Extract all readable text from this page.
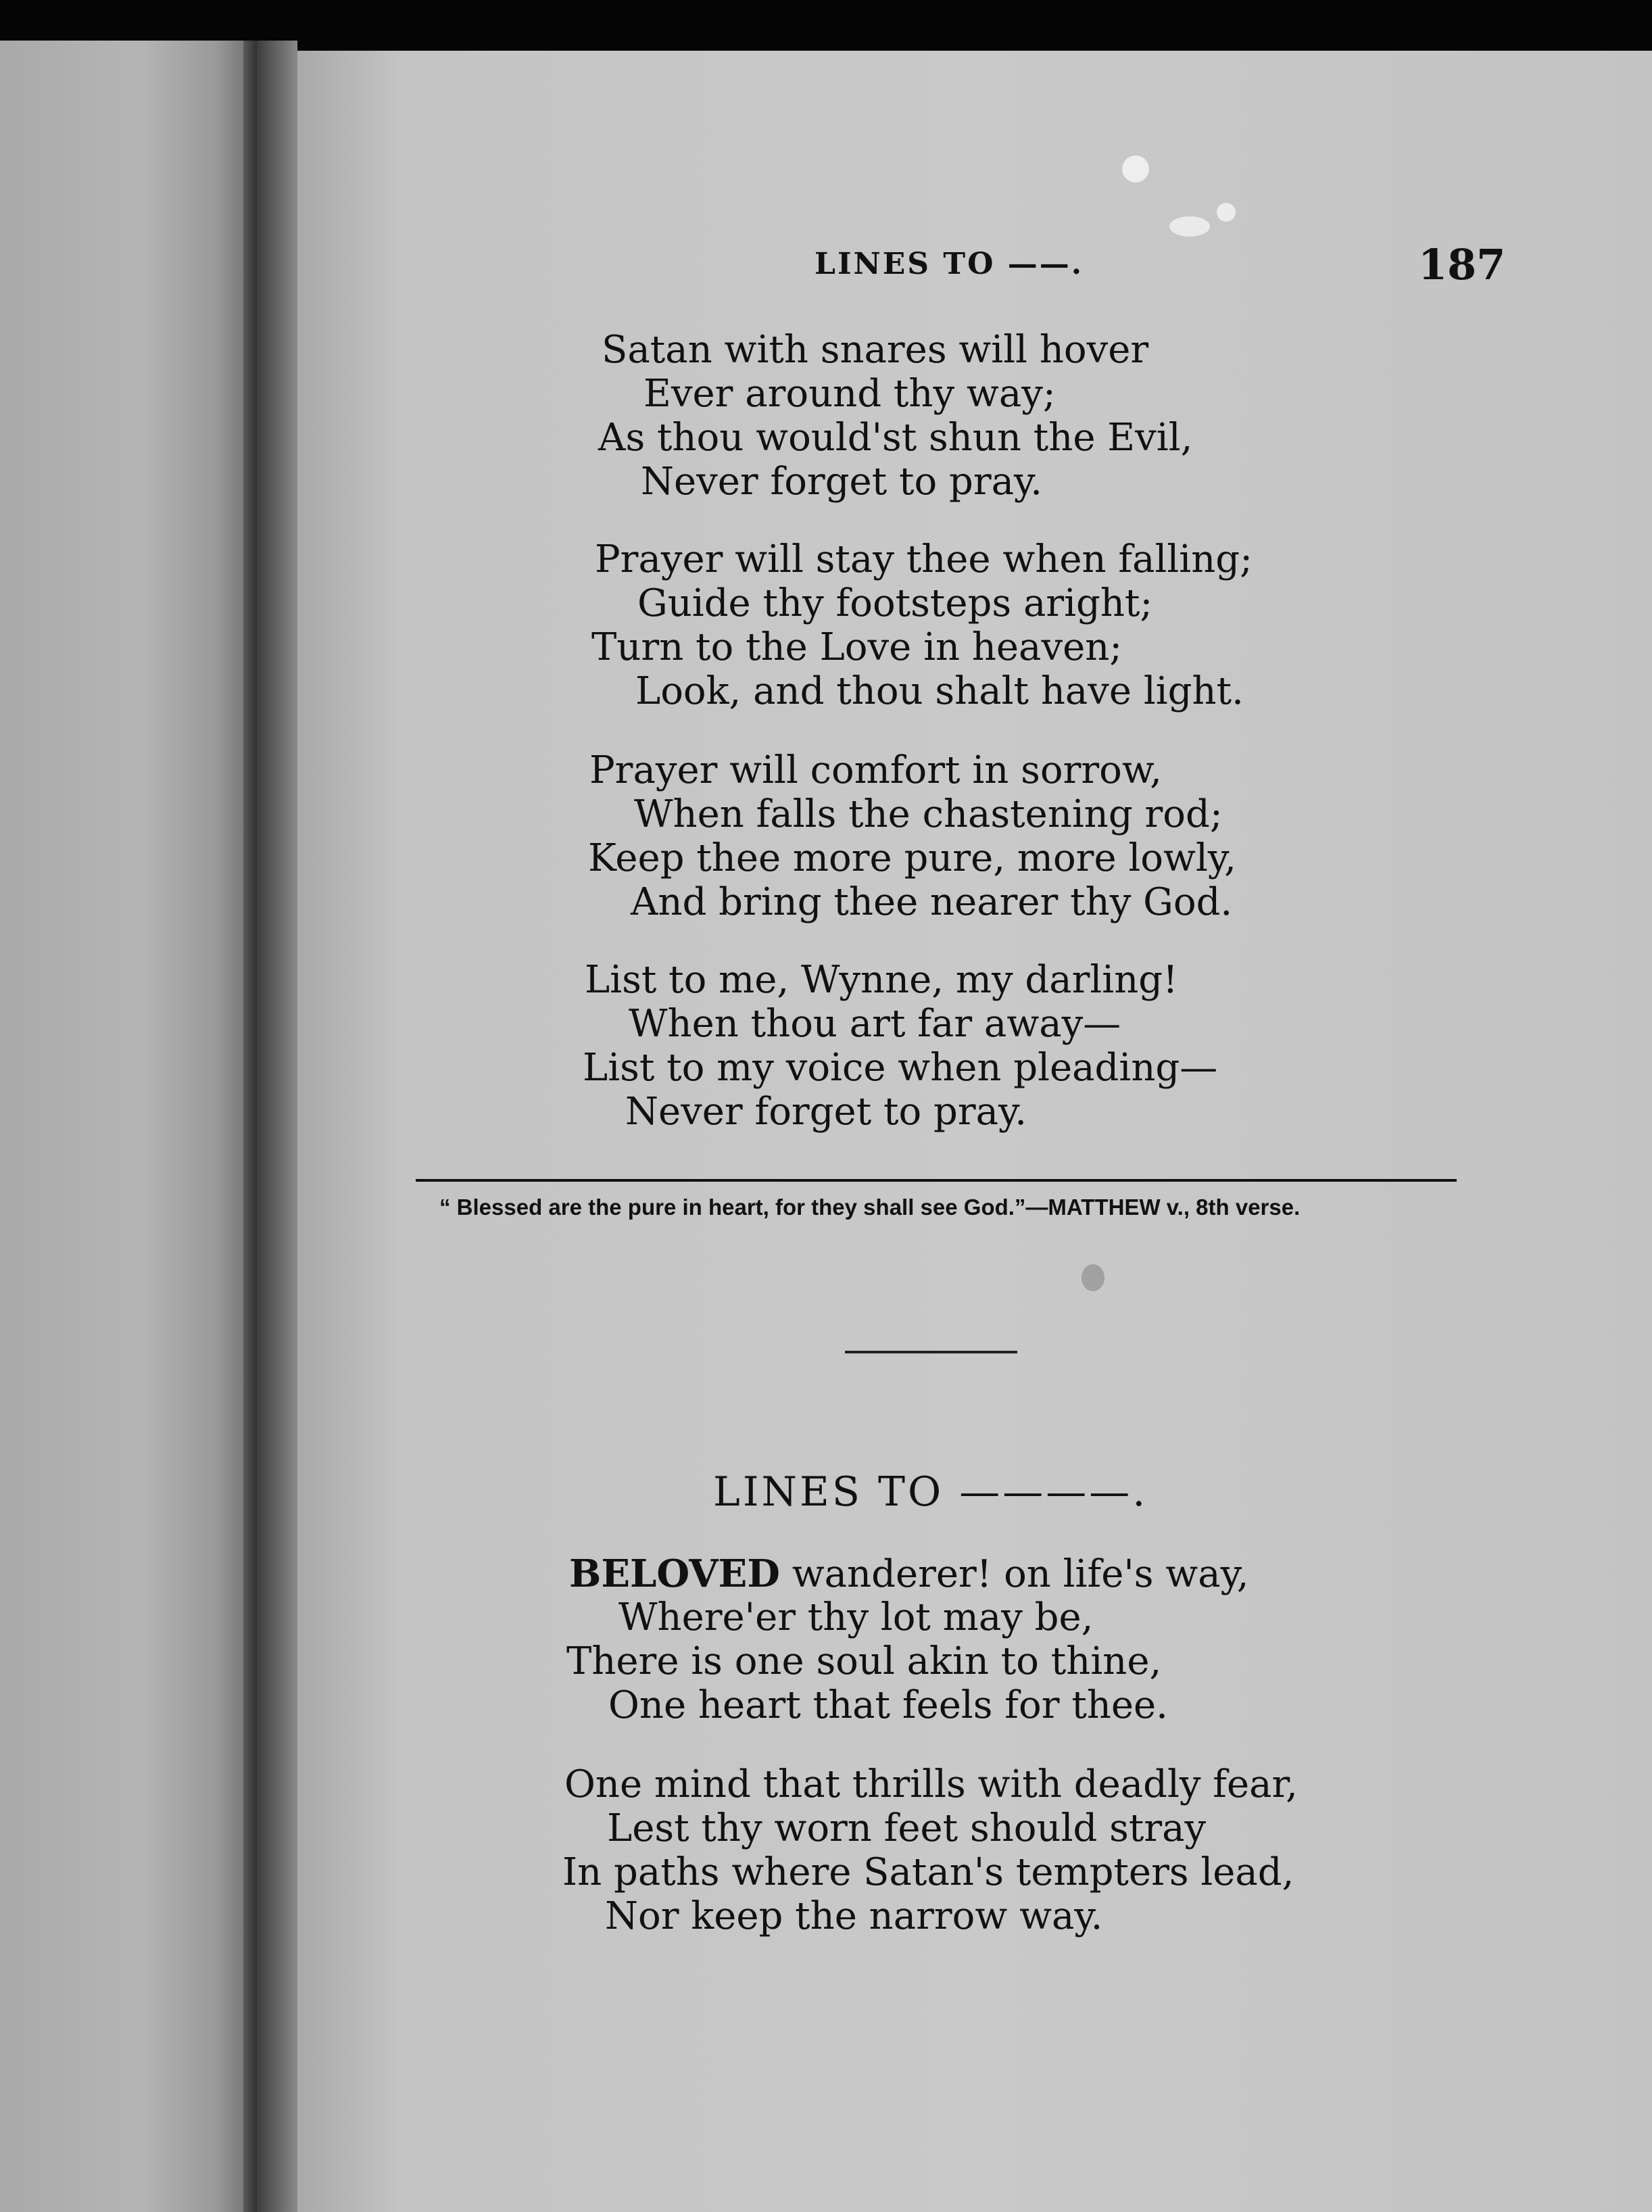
LINES TO ——.	187
Satan with snares will hover
Ever around thy way;
As thou would'st shun the Evil,
Never forget to pray.
Prayer will stay thee when falling;
Guide thy footsteps aright;
Turn to the Love in heaven;
Look, and thou shalt have light.
Prayer will comfort in sorrow,
When falls the chastening rod;
Keep thee more pure, more lowly,
And bring thee nearer thy God.
List to me, Wynne, my darling!
When thou art far away—
List to my voice when pleading—
Never forget to pray.
“ Blessed are the pure in heart, for they shall see God.”—MATTHEW v., 8th verse.
LINES TO ————.
BELOVED wanderer! on life's way,
Where'er thy lot may be,
There is one soul akin to thine,
One heart that feels for thee.
One mind that thrills with deadly fear,
Lest thy worn feet should stray
In paths where Satan's tempters lead,
Nor keep the narrow way.
